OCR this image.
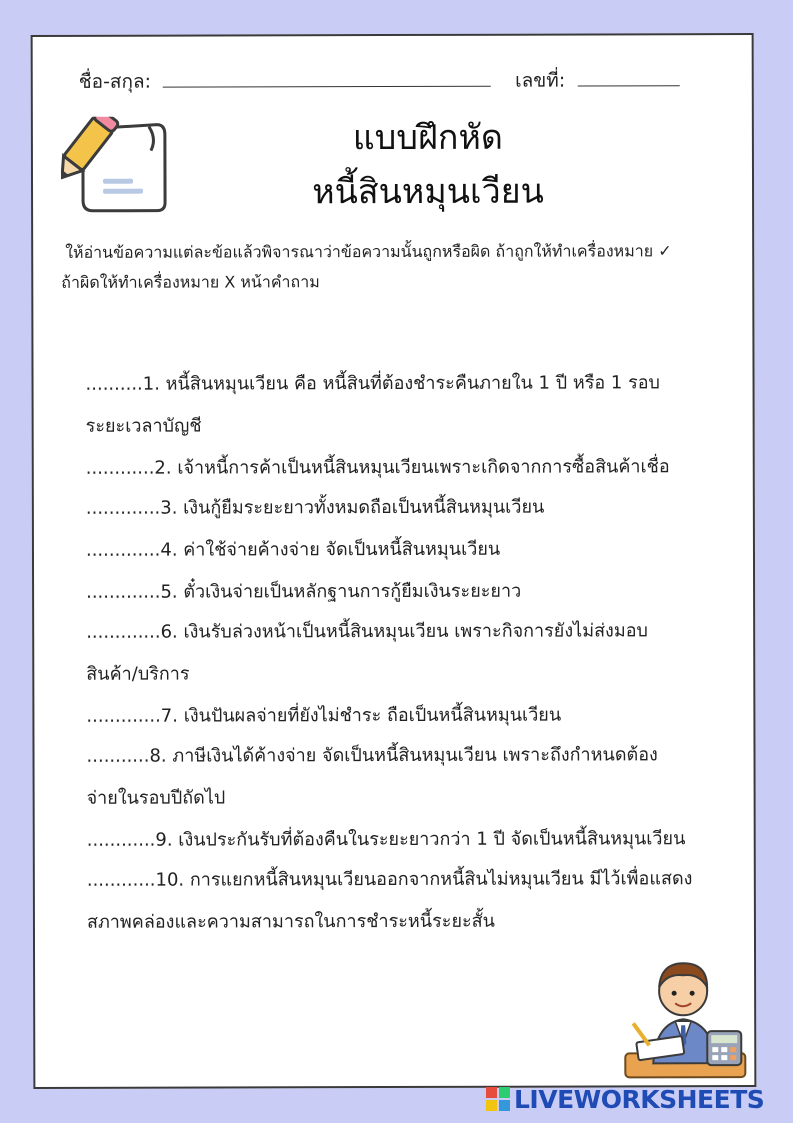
ชื่อ-สกุล:	เลขที่:
แบบฝึกหัด
หนี้สินหมุนเวียน
ให้อ่านข้อความแต่ละข้อแล้วพิจารณาว่าข้อความนั้นถูกหรือผิด ถ้าถูกให้ทำเครื่องหมาย ✓
ถ้าผิดให้ทำเครื่องหมาย X หน้าคำถาม
..........1. หนี้สินหมุนเวียน คือ หนี้สินที่ต้องชำระคืนภายใน 1 ปี หรือ 1 รอบ
ระยะเวลาบัญชี
............2. เจ้าหนี้การค้าเป็นหนี้สินหมุนเวียนเพราะเกิดจากการซื้อสินค้าเชื่อ
.............3. เงินกู้ยืมระยะยาวทั้งหมดถือเป็นหนี้สินหมุนเวียน
.............4. ค่าใช้จ่ายค้างจ่าย จัดเป็นหนี้สินหมุนเวียน
.............5. ตั๋วเงินจ่ายเป็นหลักฐานการกู้ยืมเงินระยะยาว
.............6. เงินรับล่วงหน้าเป็นหนี้สินหมุนเวียน เพราะกิจการยังไม่ส่งมอบ
สินค้า/บริการ
.............7. เงินปันผลจ่ายที่ยังไม่ชำระ ถือเป็นหนี้สินหมุนเวียน
...........8. ภาษีเงินได้ค้างจ่าย จัดเป็นหนี้สินหมุนเวียน เพราะถึงกำหนดต้อง
จ่ายในรอบปีถัดไป
............9. เงินประกันรับที่ต้องคืนในระยะยาวกว่า 1 ปี จัดเป็นหนี้สินหมุนเวียน
............10. การแยกหนี้สินหมุนเวียนออกจากหนี้สินไม่หมุนเวียน มีไว้เพื่อแสดง
สภาพคล่องและความสามารถในการชำระหนี้ระยะสั้น
LIVEWORKSHEETS
